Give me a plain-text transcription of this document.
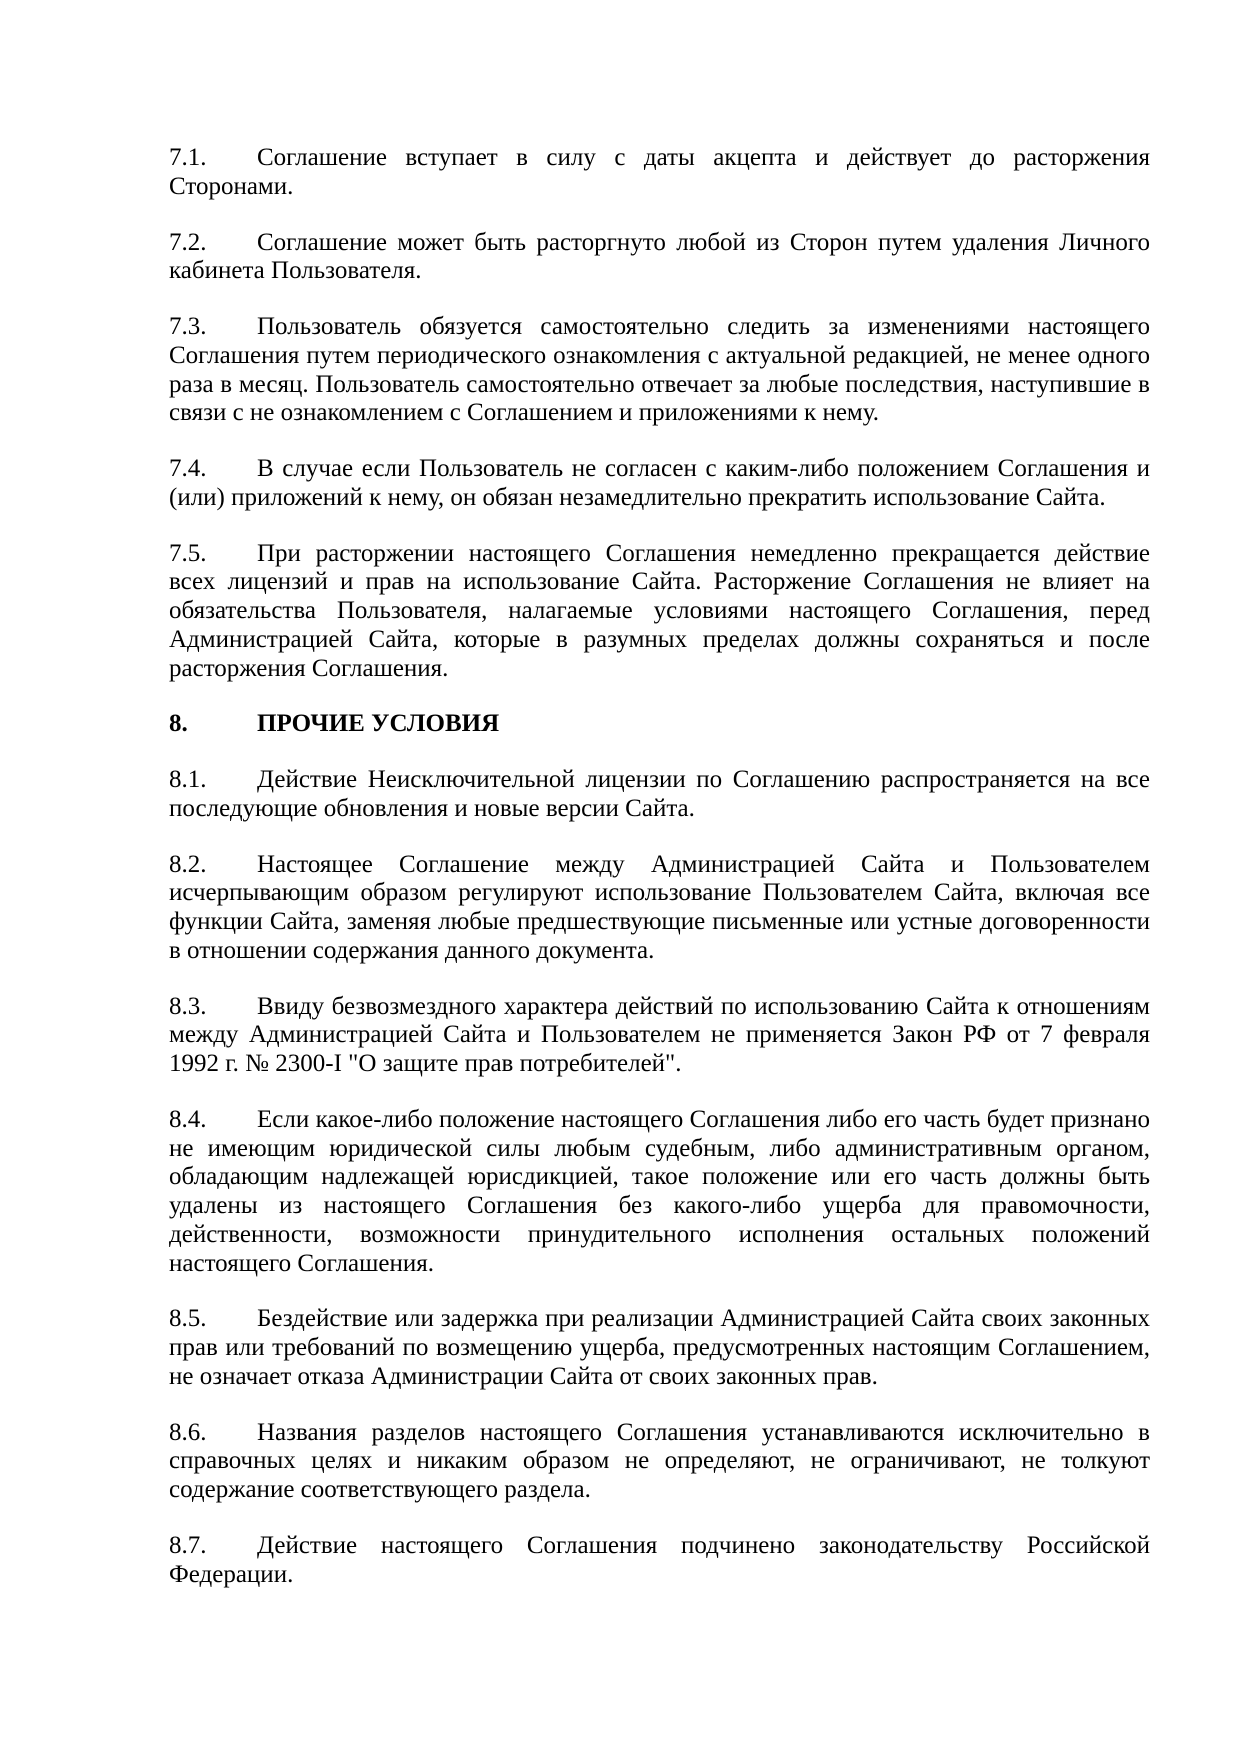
7.1. Соглашение вступает в силу с даты акцепта и действует до расторжения Сторонами.

7.2. Соглашение может быть расторгнуто любой из Сторон путем удаления Личного кабинета Пользователя.

7.3. Пользователь обязуется самостоятельно следить за изменениями настоящего Соглашения путем периодического ознакомления с актуальной редакцией, не менее одного раза в месяц. Пользователь самостоятельно отвечает за любые последствия, наступившие в связи с не ознакомлением с Соглашением и приложениями к нему.

7.4. В случае если Пользователь не согласен с каким-либо положением Соглашения и (или) приложений к нему, он обязан незамедлительно прекратить использование Сайта.

7.5. При расторжении настоящего Соглашения немедленно прекращается действие всех лицензий и прав на использование Сайта. Расторжение Соглашения не влияет на обязательства Пользователя, налагаемые условиями настоящего Соглашения, перед Администрацией Сайта, которые в разумных пределах должны сохраняться и после расторжения Соглашения.

8.	ПРОЧИЕ УСЛОВИЯ

8.1. Действие Неисключительной лицензии по Соглашению распространяется на все последующие обновления и новые версии Сайта.

8.2. Настоящее Соглашение между Администрацией Сайта и Пользователем исчерпывающим образом регулируют использование Пользователем Сайта, включая все функции Сайта, заменяя любые предшествующие письменные или устные договоренности в отношении содержания данного документа.

8.3. Ввиду безвозмездного характера действий по использованию Сайта к отношениям между Администрацией Сайта и Пользователем не применяется Закон РФ от 7 февраля 1992 г. № 2300-I "О защите прав потребителей".

8.4. Если какое-либо положение настоящего Соглашения либо его часть будет признано не имеющим юридической силы любым судебным, либо административным органом, обладающим надлежащей юрисдикцией, такое положение или его часть должны быть удалены из настоящего Соглашения без какого-либо ущерба для правомочности, действенности, возможности принудительного исполнения остальных положений настоящего Соглашения.

8.5. Бездействие или задержка при реализации Администрацией Сайта своих законных прав или требований по возмещению ущерба, предусмотренных настоящим Соглашением, не означает отказа Администрации Сайта от своих законных прав.

8.6. Названия разделов настоящего Соглашения устанавливаются исключительно в справочных целях и никаким образом не определяют, не ограничивают, не толкуют содержание соответствующего раздела.

8.7. Действие настоящего Соглашения подчинено законодательству Российской Федерации.
